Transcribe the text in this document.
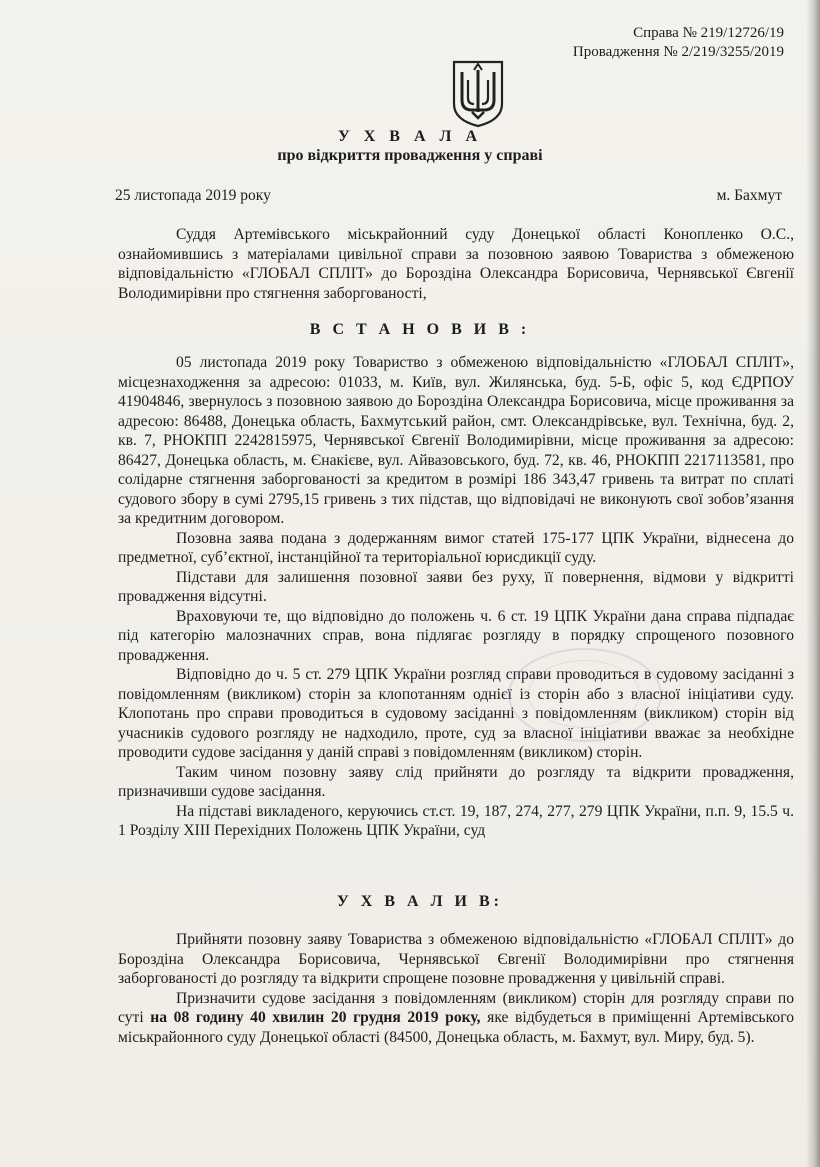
Справа № 219/12726/19
Провадження № 2/219/3255/2019
У Х В А Л А
про відкриття провадження у справі
25 листопада 2019 року	м. Бахмут

Суддя Артемівського міськрайонний суду Донецької області Конопленко О.С., ознайомившись з матеріалами цивільної справи за позовною заявою Товариства з обмеженою відповідальністю «ГЛОБАЛ СПЛІТ» до Бороздіна Олександра Борисовича, Чернявської Євгенії Володимирівни про стягнення заборгованості,

В С Т А Н О В И В :

05 листопада 2019 року Товариство з обмеженою відповідальністю «ГЛОБАЛ СПЛІТ», місцезнаходження за адресою: 01033, м. Київ, вул. Жилянська, буд. 5-Б, офіс 5, код ЄДРПОУ 41904846, звернулось з позовною заявою до Бороздіна Олександра Борисовича, місце проживання за адресою: 86488, Донецька область, Бахмутський район, смт. Олександрівське, вул. Технічна, буд. 2, кв. 7, РНОКПП 2242815975, Чернявської Євгенії Володимирівни, місце проживання за адресою: 86427, Донецька область, м. Єнакієве, вул. Айвазовського, буд. 72, кв. 46, РНОКПП 2217113581, про солідарне стягнення заборгованості за кредитом в розмірі 186 343,47 гривень та витрат по сплаті судового збору в сумі 2795,15 гривень з тих підстав, що відповідачі не виконують свої зобов’язання за кредитним договором.

Позовна заява подана з додержанням вимог статей 175-177 ЦПК України, віднесена до предметної, суб’єктної, інстанційної та територіальної юрисдикції суду.

Підстави для залишення позовної заяви без руху, її повернення, відмови у відкритті провадження відсутні.

Враховуючи те, що відповідно до положень ч. 6 ст. 19 ЦПК України дана справа підпадає під категорію малозначних справ, вона підлягає розгляду в порядку спрощеного позовного провадження.

Відповідно до ч. 5 ст. 279 ЦПК України розгляд справи проводиться в судовому засіданні з повідомленням (викликом) сторін за клопотанням однієї із сторін або з власної ініціативи суду. Клопотань про справи проводиться в судовому засіданні з повідомленням (викликом) сторін від учасників судового розгляду не надходило, проте, суд за власної ініціативи вважає за необхідне проводити судове засідання у даній справі з повідомленням (викликом) сторін.

Таким чином позовну заяву слід прийняти до розгляду та відкрити провадження, призначивши судове засідання.

На підставі викладеного, керуючись ст.ст. 19, 187, 274, 277, 279 ЦПК України, п.п. 9, 15.5 ч. 1 Розділу XIII Перехідних Положень ЦПК України, суд

У Х В А Л И В:

Прийняти позовну заяву Товариства з обмеженою відповідальністю «ГЛОБАЛ СПЛІТ» до Бороздіна Олександра Борисовича, Чернявської Євгенії Володимирівни про стягнення заборгованості до розгляду та відкрити спрощене позовне провадження у цивільній справі.

Призначити судове засідання з повідомленням (викликом) сторін для розгляду справи по суті на 08 годину 40 хвилин 20 грудня 2019 року, яке відбудеться в приміщенні Артемівського міськрайонного суду Донецької області (84500, Донецька область, м. Бахмут, вул. Миру, буд. 5).
